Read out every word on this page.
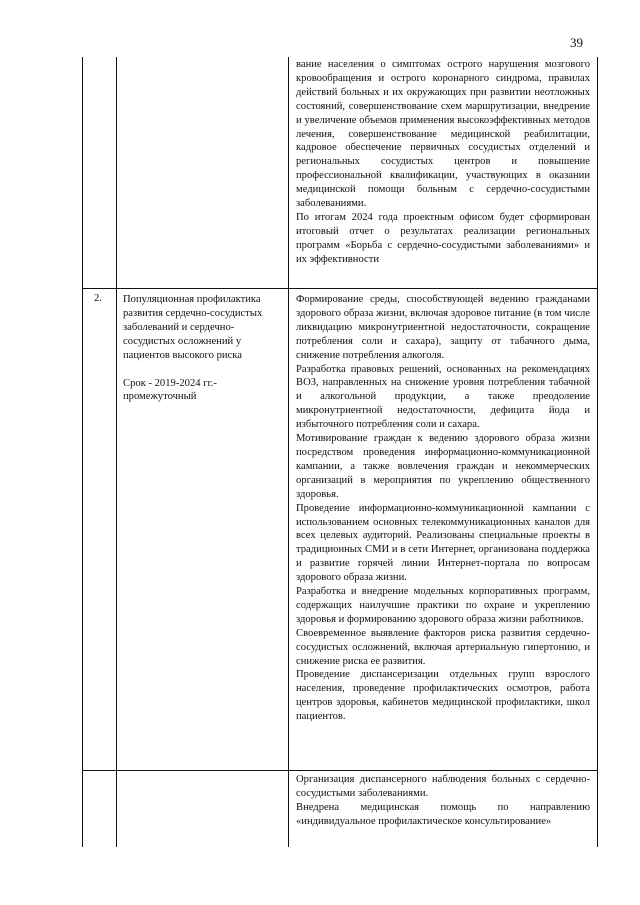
39

вание населения о симптомах острого нарушения мозгового кровообращения и острого коронарного синдрома, правилах действий больных и их окружающих при развитии неотложных состояний, совершенствование схем маршрутизации, внедрение и увеличение объемов применения высокоэффективных методов лечения, совершенствование медицинской реабилитации, кадровое обеспечение первичных сосудистых отделений и региональных сосудистых центров и повышение профессиональной квалификации, участвующих в оказании медицинской помощи больным с сердечно-сосудистыми заболеваниями.

По итогам 2024 года проектным офисом будет сформирован итоговый отчет о результатах реализации региональных программ «Борьба с сердечно-сосудистыми заболеваниями» и их эффективности

2. Популяционная профилактика развития сердечно-сосудистых заболеваний и сердечно-сосудистых осложнений у пациентов высокого риска
Срок - 2019-2024 гг.- промежуточный

Формирование среды, способствующей ведению гражданами здорового образа жизни, включая здоровое питание (в том числе ликвидацию микронутриентной недостаточности, сокращение потребления соли и сахара), защиту от табачного дыма, снижение потребления алкоголя.

Разработка правовых решений, основанных на рекомендациях ВОЗ, направленных на снижение уровня потребления табачной и алкогольной продукции, а также преодоление микронутриентной недостаточности, дефицита йода и избыточного потребления соли и сахара.

Мотивирование граждан к ведению здорового образа жизни посредством проведения информационно-коммуникационной кампании, а также вовлечения граждан и некоммерческих организаций в мероприятия по укреплению общественного здоровья.

Проведение информационно-коммуникационной кампании с использованием основных телекоммуникационных каналов для всех целевых аудиторий. Реализованы специальные проекты в традиционных СМИ и в сети Интернет, организована поддержка и развитие горячей линии Интернет-портала по вопросам здорового образа жизни.

Разработка и внедрение модельных корпоративных программ, содержащих наилучшие практики по охране и укреплению здоровья и формированию здорового образа жизни работников.

Своевременное выявление факторов риска развития сердечно-сосудистых осложнений, включая артериальную гипертонию, и снижение риска ее развития.

Проведение диспансеризации отдельных групп взрослого населения, проведение профилактических осмотров, работа центров здоровья, кабинетов медицинской профилактики, школ пациентов.

Организация диспансерного наблюдения больных с сердечно-сосудистыми заболеваниями.

Внедрена медицинская помощь по направлению «индивидуальное профилактическое консультирование»
